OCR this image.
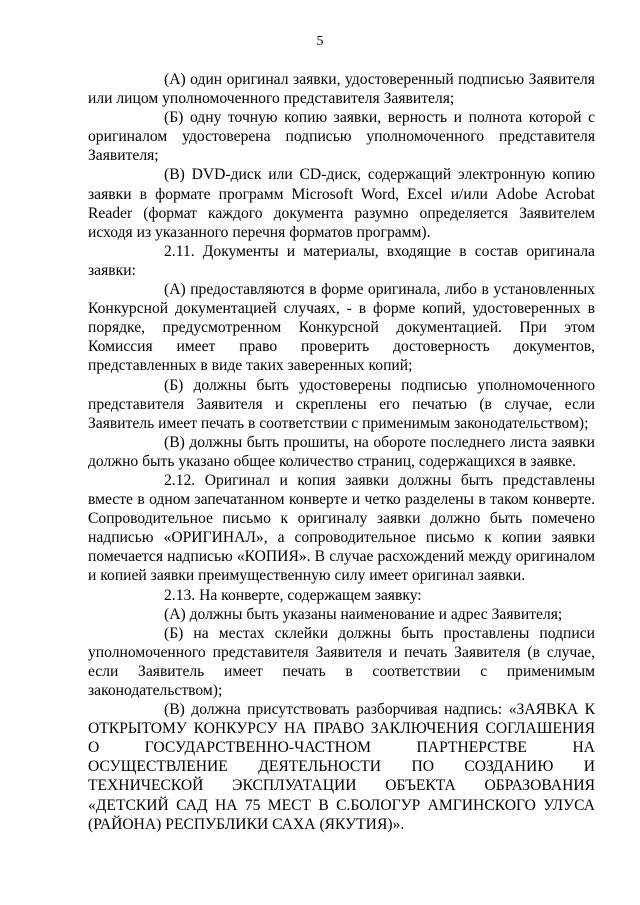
5

(А) один оригинал заявки, удостоверенный подписью Заявителя или лицом уполномоченного представителя Заявителя;

(Б) одну точную копию заявки, верность и полнота которой с оригиналом удостоверена подписью уполномоченного представителя Заявителя;

(В) DVD-диск или CD-диск, содержащий электронную копию заявки в формате программ Microsoft Word, Excel и/или Adobe Acrobat Reader (формат каждого документа разумно определяется Заявителем исходя из указанного перечня форматов программ).

2.11. Документы и материалы, входящие в состав оригинала заявки:

(А) предоставляются в форме оригинала, либо в установленных Конкурсной документацией случаях, - в форме копий, удостоверенных в порядке, предусмотренном Конкурсной документацией. При этом Комиссия имеет право проверить достоверность документов, представленных в виде таких заверенных копий;

(Б) должны быть удостоверены подписью уполномоченного представителя Заявителя и скреплены его печатью (в случае, если Заявитель имеет печать в соответствии с применимым законодательством);

(В) должны быть прошиты, на обороте последнего листа заявки должно быть указано общее количество страниц, содержащихся в заявке.

2.12. Оригинал и копия заявки должны быть представлены вместе в одном запечатанном конверте и четко разделены в таком конверте. Сопроводительное письмо к оригиналу заявки должно быть помечено надписью «ОРИГИНАЛ», а сопроводительное письмо к копии заявки помечается надписью «КОПИЯ». В случае расхождений между оригиналом и копией заявки преимущественную силу имеет оригинал заявки.

2.13. На конверте, содержащем заявку:

(А) должны быть указаны наименование и адрес Заявителя;

(Б) на местах склейки должны быть проставлены подписи уполномоченного представителя Заявителя и печать Заявителя (в случае, если Заявитель имеет печать в соответствии с применимым законодательством);

(В) должна присутствовать разборчивая надпись: «ЗАЯВКА К ОТКРЫТОМУ КОНКУРСУ НА ПРАВО ЗАКЛЮЧЕНИЯ СОГЛАШЕНИЯ О ГОСУДАРСТВЕННО-ЧАСТНОМ ПАРТНЕРСТВЕ НА ОСУЩЕСТВЛЕНИЕ ДЕЯТЕЛЬНОСТИ ПО СОЗДАНИЮ И ТЕХНИЧЕСКОЙ ЭКСПЛУАТАЦИИ ОБЪЕКТА ОБРАЗОВАНИЯ «ДЕТСКИЙ САД НА 75 МЕСТ В С.БОЛОГУР АМГИНСКОГО УЛУСА (РАЙОНА) РЕСПУБЛИКИ САХА (ЯКУТИЯ)».
